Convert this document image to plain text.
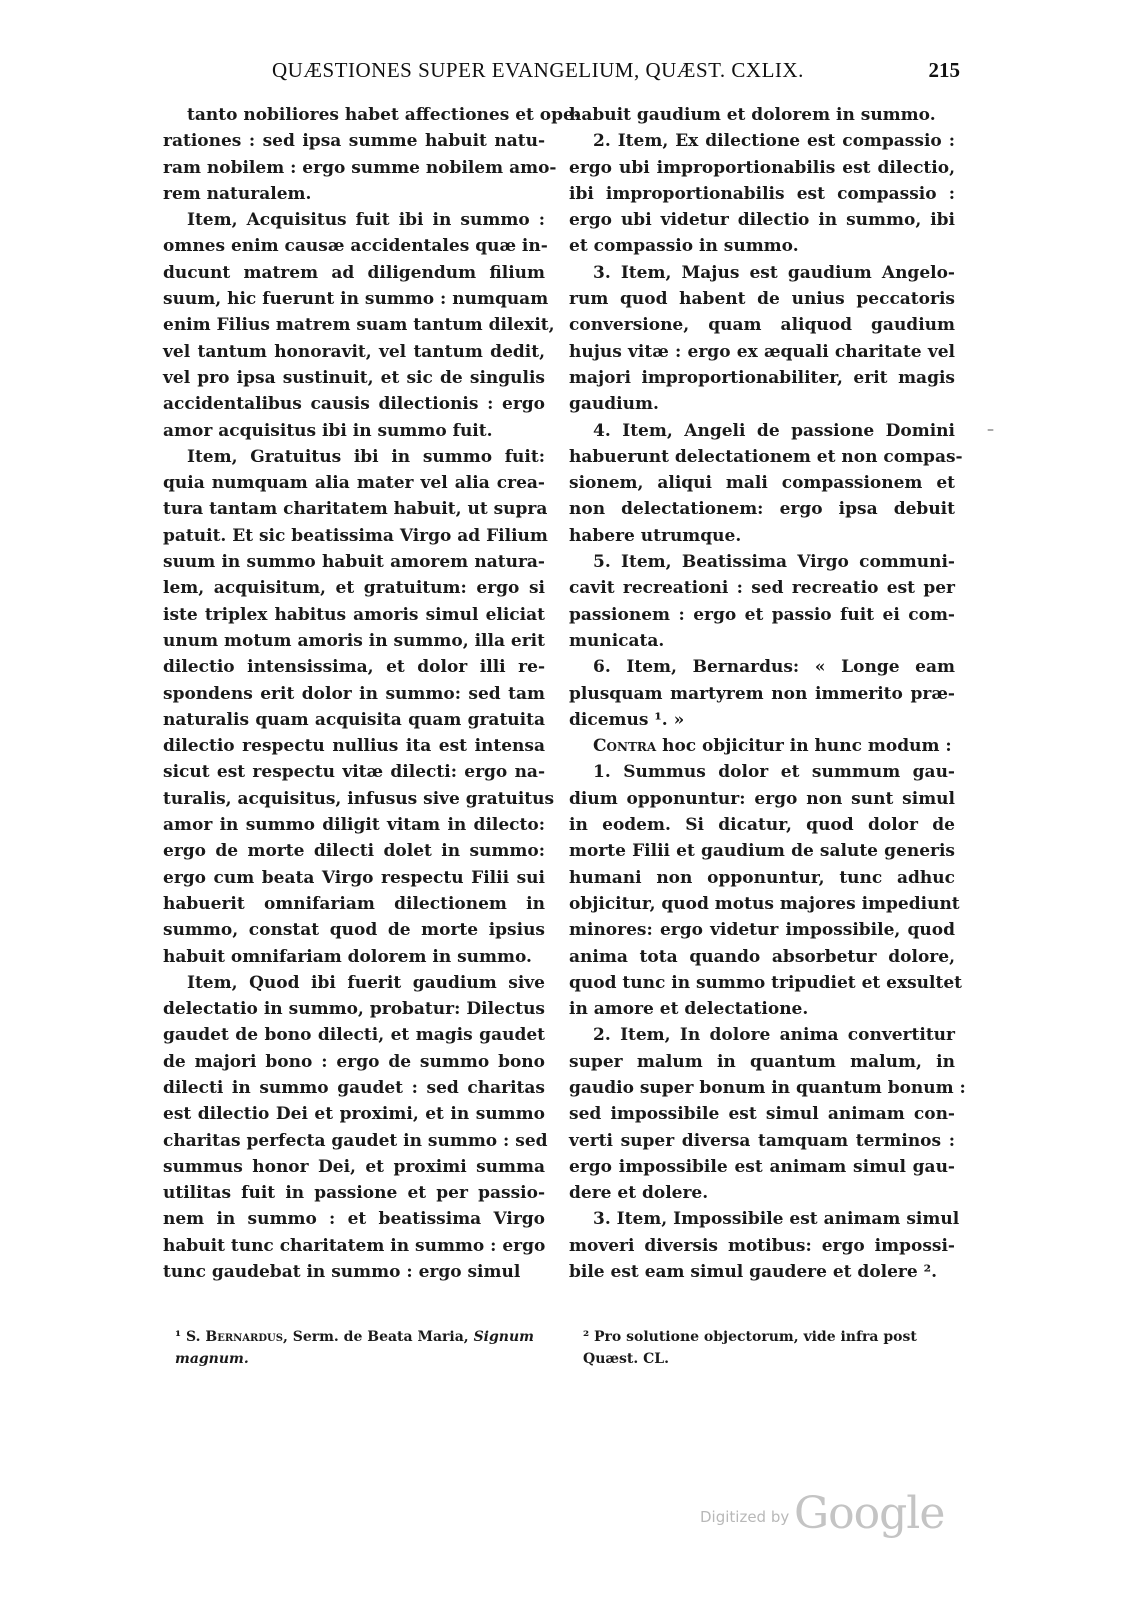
QUÆSTIONES SUPER EVANGELIUM, QUÆST. CXLIX.	215
tanto nobiliores habet affectiones et ope-
rationes : sed ipsa summe habuit natu-
ram nobilem : ergo summe nobilem amo-
rem naturalem.
Item, Acquisitus fuit ibi in summo :
omnes enim causæ accidentales quæ in-
ducunt matrem ad diligendum filium
suum, hic fuerunt in summo : numquam
enim Filius matrem suam tantum dilexit,
vel tantum honoravit, vel tantum dedit,
vel pro ipsa sustinuit, et sic de singulis
accidentalibus causis dilectionis : ergo
amor acquisitus ibi in summo fuit.
Item, Gratuitus ibi in summo fuit:
quia numquam alia mater vel alia crea-
tura tantam charitatem habuit, ut supra
patuit. Et sic beatissima Virgo ad Filium
suum in summo habuit amorem natura-
lem, acquisitum, et gratuitum: ergo si
iste triplex habitus amoris simul eliciat
unum motum amoris in summo, illa erit
dilectio intensissima, et dolor illi re-
spondens erit dolor in summo: sed tam
naturalis quam acquisita quam gratuita
dilectio respectu nullius ita est intensa
sicut est respectu vitæ dilecti: ergo na-
turalis, acquisitus, infusus sive gratuitus
amor in summo diligit vitam in dilecto:
ergo de morte dilecti dolet in summo:
ergo cum beata Virgo respectu Filii sui
habuerit omnifariam dilectionem in
summo, constat quod de morte ipsius
habuit omnifariam dolorem in summo.
Item, Quod ibi fuerit gaudium sive
delectatio in summo, probatur: Dilectus
gaudet de bono dilecti, et magis gaudet
de majori bono : ergo de summo bono
dilecti in summo gaudet : sed charitas
est dilectio Dei et proximi, et in summo
charitas perfecta gaudet in summo : sed
summus honor Dei, et proximi summa
utilitas fuit in passione et per passio-
nem in summo : et beatissima Virgo
habuit tunc charitatem in summo : ergo
tunc gaudebat in summo : ergo simul
habuit gaudium et dolorem in summo.
2. Item, Ex dilectione est compassio :
ergo ubi improportionabilis est dilectio,
ibi improportionabilis est compassio :
ergo ubi videtur dilectio in summo, ibi
et compassio in summo.
3. Item, Majus est gaudium Angelo-
rum quod habent de unius peccatoris
conversione, quam aliquod gaudium
hujus vitæ : ergo ex æquali charitate vel
majori improportionabiliter, erit magis
gaudium.
4. Item, Angeli de passione Domini
habuerunt delectationem et non compas-
sionem, aliqui mali compassionem et
non delectationem: ergo ipsa debuit
habere utrumque.
5. Item, Beatissima Virgo communi-
cavit recreationi : sed recreatio est per
passionem : ergo et passio fuit ei com-
municata.
6. Item, Bernardus: « Longe eam
plusquam martyrem non immerito præ-
dicemus ¹. »
Contra hoc objicitur in hunc modum :
1. Summus dolor et summum gau-
dium opponuntur: ergo non sunt simul
in eodem. Si dicatur, quod dolor de
morte Filii et gaudium de salute generis
humani non opponuntur, tunc adhuc
objicitur, quod motus majores impediunt
minores: ergo videtur impossibile, quod
anima tota quando absorbetur dolore,
quod tunc in summo tripudiet et exsultet
in amore et delectatione.
2. Item, In dolore anima convertitur
super malum in quantum malum, in
gaudio super bonum in quantum bonum :
sed impossibile est simul animam con-
verti super diversa tamquam terminos :
ergo impossibile est animam simul gau-
dere et dolere.
3. Item, Impossibile est animam simul
moveri diversis motibus: ergo impossi-
bile est eam simul gaudere et dolere ².
–
¹ S. Bernardus, Serm. de Beata Maria, Signum
magnum.
² Pro solutione objectorum, vide infra post
Quæst. CL.
Digitized by Google
